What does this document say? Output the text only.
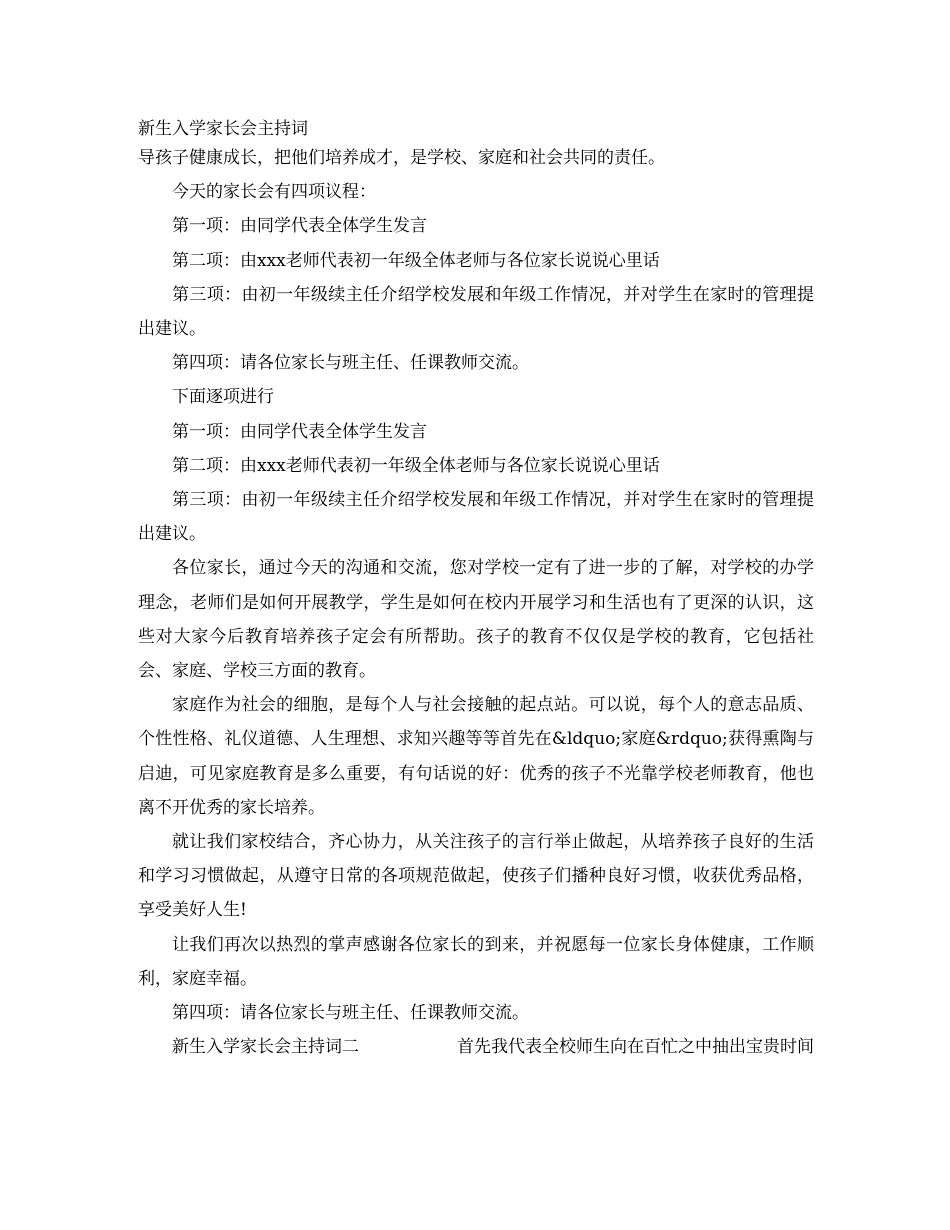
新生入学家长会主持词

导孩子健康成长，把他们培养成才，是学校、家庭和社会共同的责任。

今天的家长会有四项议程：

第一项：由同学代表全体学生发言

第二项：由xxx老师代表初一年级全体老师与各位家长说说心里话

第三项：由初一年级续主任介绍学校发展和年级工作情况，并对学生在家时的管理提出建议。

第四项：请各位家长与班主任、任课教师交流。

下面逐项进行

第一项：由同学代表全体学生发言

第二项：由xxx老师代表初一年级全体老师与各位家长说说心里话

第三项：由初一年级续主任介绍学校发展和年级工作情况，并对学生在家时的管理提出建议。

各位家长，通过今天的沟通和交流，您对学校一定有了进一步的了解，对学校的办学理念，老师们是如何开展教学，学生是如何在校内开展学习和生活也有了更深的认识，这些对大家今后教育培养孩子定会有所帮助。孩子的教育不仅仅是学校的教育，它包括社会、家庭、学校三方面的教育。

家庭作为社会的细胞，是每个人与社会接触的起点站。可以说，每个人的意志品质、个性性格、礼仪道德、人生理想、求知兴趣等等首先在&ldquo;家庭&rdquo;获得熏陶与启迪，可见家庭教育是多么重要，有句话说的好：优秀的孩子不光靠学校老师教育，他也离不开优秀的家长培养。

就让我们家校结合，齐心协力，从关注孩子的言行举止做起，从培养孩子良好的生活和学习习惯做起，从遵守日常的各项规范做起，使孩子们播种良好习惯，收获优秀品格，享受美好人生!

让我们再次以热烈的掌声感谢各位家长的到来，并祝愿每一位家长身体健康，工作顺利，家庭幸福。

第四项：请各位家长与班主任、任课教师交流。

新生入学家长会主持词二	首先我代表全校师生向在百忙之中抽出宝贵时间
